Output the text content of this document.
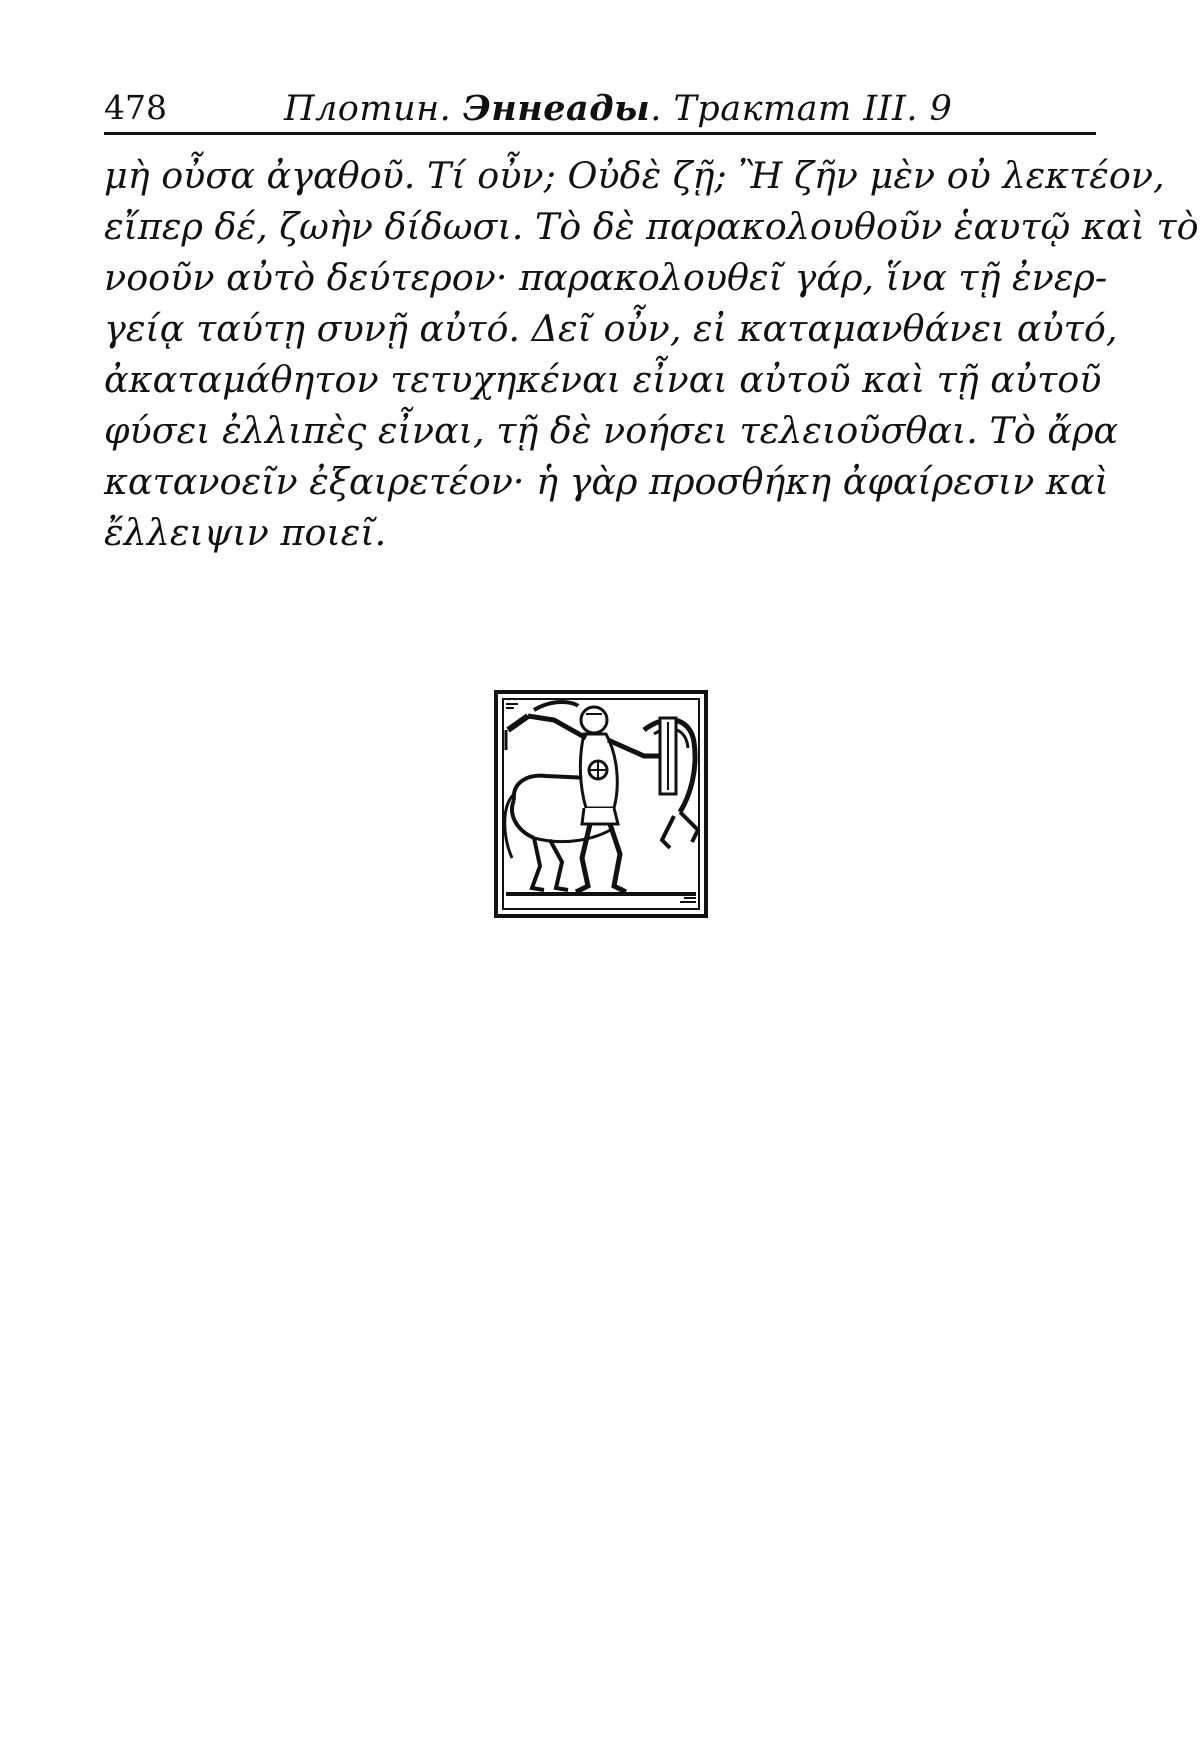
478	Плотин. Эннеады. Трактат III. 9
μὴ οὖσα ἀγαθοῦ. Τί οὖν; Οὐδὲ ζῇ; Ἢ ζῆν μὲν οὐ λεκτέον,
εἴπερ δέ, ζωὴν δίδωσι. Τὸ δὲ παρακολουθοῦν ἑαυτῷ καὶ τὸ
νοοῦν αὐτὸ δεύτερον· παρακολουθεῖ γάρ, ἵνα τῇ ἐνερ-
γείᾳ ταύτῃ συνῇ αὐτό. Δεῖ οὖν, εἰ καταμανθάνει αὐτό,
ἀκαταμάθητον τετυχηκέναι εἶναι αὐτοῦ καὶ τῇ αὐτοῦ
φύσει ἐλλιπὲς εἶναι, τῇ δὲ νοήσει τελειοῦσθαι. Τὸ ἄρα
κατανοεῖν ἐξαιρετέον· ἡ γὰρ προσθήκη ἀφαίρεσιν καὶ
ἔλλειψιν ποιεῖ.
